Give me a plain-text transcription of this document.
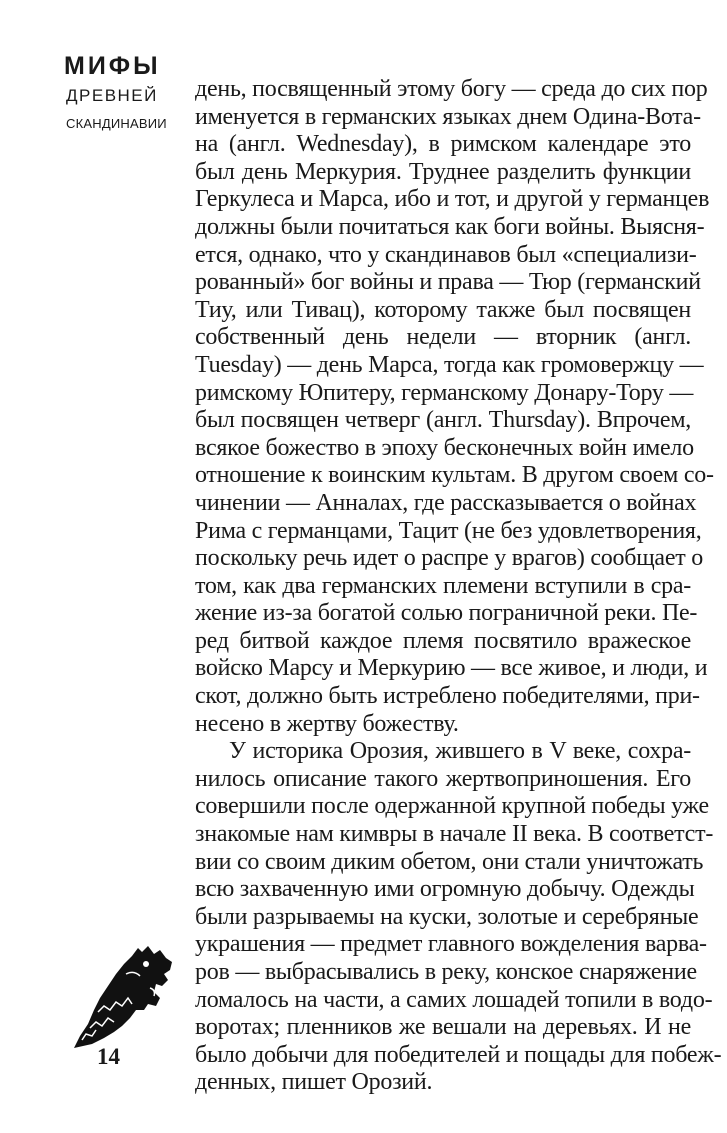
МИФЫ
ДРЕВНЕЙ
СКАНДИНАВИИ
14
день, посвященный этому богу — среда до сих пор
именуется в германских языках днем Одина-Вота-
на (англ. Wednesday), в римском календаре это
был день Меркурия. Труднее разделить функции
Геркулеса и Марса, ибо и тот, и другой у германцев
должны были почитаться как боги войны. Выясня-
ется, однако, что у скандинавов был «специализи-
рованный» бог войны и права — Тюр (германский
Тиу, или Тивац), которому также был посвящен
собственный день недели — вторник (англ.
Tuesday) — день Марса, тогда как громовержцу —
римскому Юпитеру, германскому Донару-Тору —
был посвящен четверг (англ. Thursday). Впрочем,
всякое божество в эпоху бесконечных войн имело
отношение к воинским культам. В другом своем со-
чинении — Анналах, где рассказывается о войнах
Рима с германцами, Тацит (не без удовлетворения,
поскольку речь идет о распре у врагов) сообщает о
том, как два германских племени вступили в сра-
жение из-за богатой солью пограничной реки. Пе-
ред битвой каждое племя посвятило вражеское
войско Марсу и Меркурию — все живое, и люди, и
скот, должно быть истреблено победителями, при-
несено в жертву божеству.
У историка Орозия, жившего в V веке, сохра-
нилось описание такого жертвоприношения. Его
совершили после одержанной крупной победы уже
знакомые нам кимвры в начале II века. В соответст-
вии со своим диким обетом, они стали уничтожать
всю захваченную ими огромную добычу. Одежды
были разрываемы на куски, золотые и серебряные
украшения — предмет главного вожделения варва-
ров — выбрасывались в реку, конское снаряжение
ломалось на части, а самих лошадей топили в водо-
воротах; пленников же вешали на деревьях. И не
было добычи для победителей и пощады для побеж-
денных, пишет Орозий.
